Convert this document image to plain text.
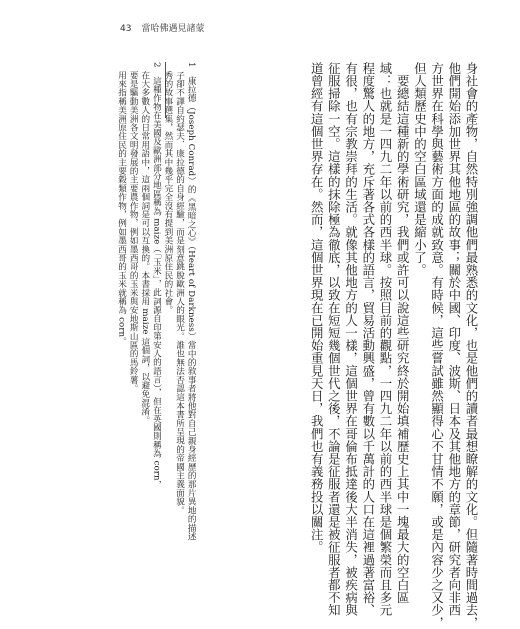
43 當哈佛遇見諸蒙
身社會的產物，自然特別強調他們最熟悉的文化，也是他們的讀者最想瞭解的文化。但隨著時間過去，
他們開始添加世界其他地區的故事；關於中國、印度、波斯、日本及其他地方的章節，研究者向非西
方世界在科學與藝術方面的成就致意。有時候，這些嘗試雖然顯得心不甘情不願，或是內容少之又少，
但人類歷史中的空白區域還是縮小了。
　要總結這種新的學術研究，我們或許可以說這些研究終於開始填補歷史上其中一塊最大的空白區
域：也就是一四九二年以前的西半球。按照目前的觀點，一四九二年以前的西半球是個繁榮而且多元
程度驚人的地方，充斥著各式各樣的語言，貿易活動興盛，曾有數以千萬計的人口在這裡過著富裕、
有很，也有宗教崇拜的生活。就像其他地方的人一樣，這個世界在哥倫布抵達後大半消失，被疾病與
征服掃除一空。這樣的抹除極為徹底，以致在短短幾個世代之後，不論是征服者還是被征服者都不知
道曾經有這個世界存在。然而，這個世界現在已開始重見天日，我們也有義務投以關注。
1　康拉德（Joseph Conrad）的《黑暗之心》（Heart of Darkness）當中的敘事者將他對自己親身經歷的那片異地的描述
　子卻不譯自約瑟夫．康拉德的自身經驗，而是刻意跳脫歐洲人的眼光。誰也無法否認這本書所呈現的帝國主義面貌。
　秀的故事選集，然而其中幾乎完全沒有提到美洲原住民的社會。
2　這種作物在美國及歐洲部分地區稱為 maize（「玉米」，此詞源自印第安人的語言），但在英國則稱為 corn，
　在大多數人的日常用語中，這兩個詞是可以互換的。本書採用 maize 這個詞，以避免混淆。
　要是驅動美洲各文明發展的主要農作物，例如墨西哥的玉米與安地斯山區的馬鈴薯。
　用來指稱美洲原住民的主要穀類作物，例如墨西哥的玉米就稱為 corn。
